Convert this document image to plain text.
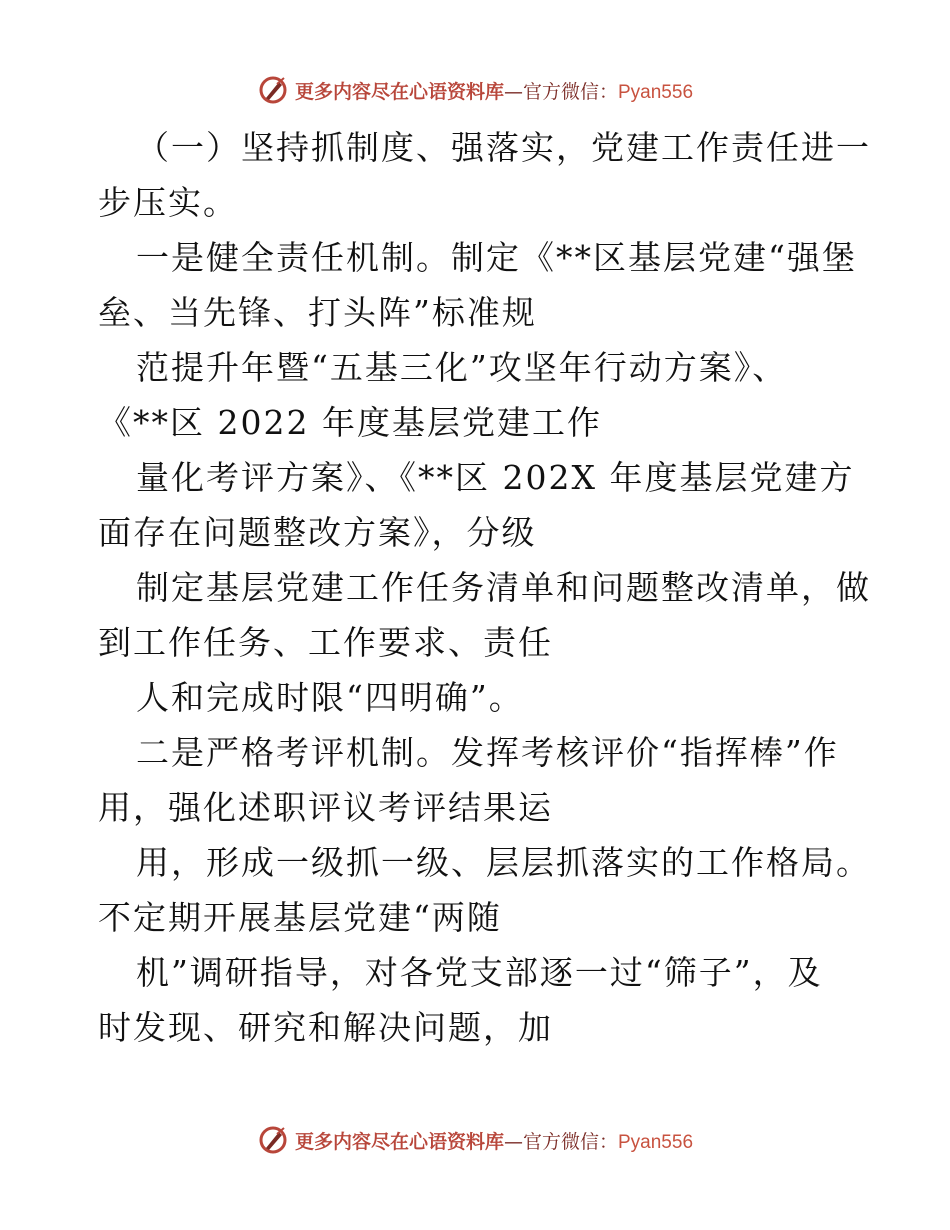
更多内容尽在心语资料库—官方微信：Pyan556
（一）坚持抓制度、强落实，党建工作责任进一
步压实。
一是健全责任机制。制定《**区基层党建“强堡
垒、当先锋、打头阵”标准规
范提升年暨“五基三化”攻坚年行动方案》、
《**区 2022 年度基层党建工作
量化考评方案》、《**区 202X 年度基层党建方
面存在问题整改方案》，分级
制定基层党建工作任务清单和问题整改清单，做
到工作任务、工作要求、责任
人和完成时限“四明确”。
二是严格考评机制。发挥考核评价“指挥棒”作
用，强化述职评议考评结果运
用，形成一级抓一级、层层抓落实的工作格局。
不定期开展基层党建“两随
机”调研指导，对各党支部逐一过“筛子”，及
时发现、研究和解决问题，加
更多内容尽在心语资料库—官方微信：Pyan556
